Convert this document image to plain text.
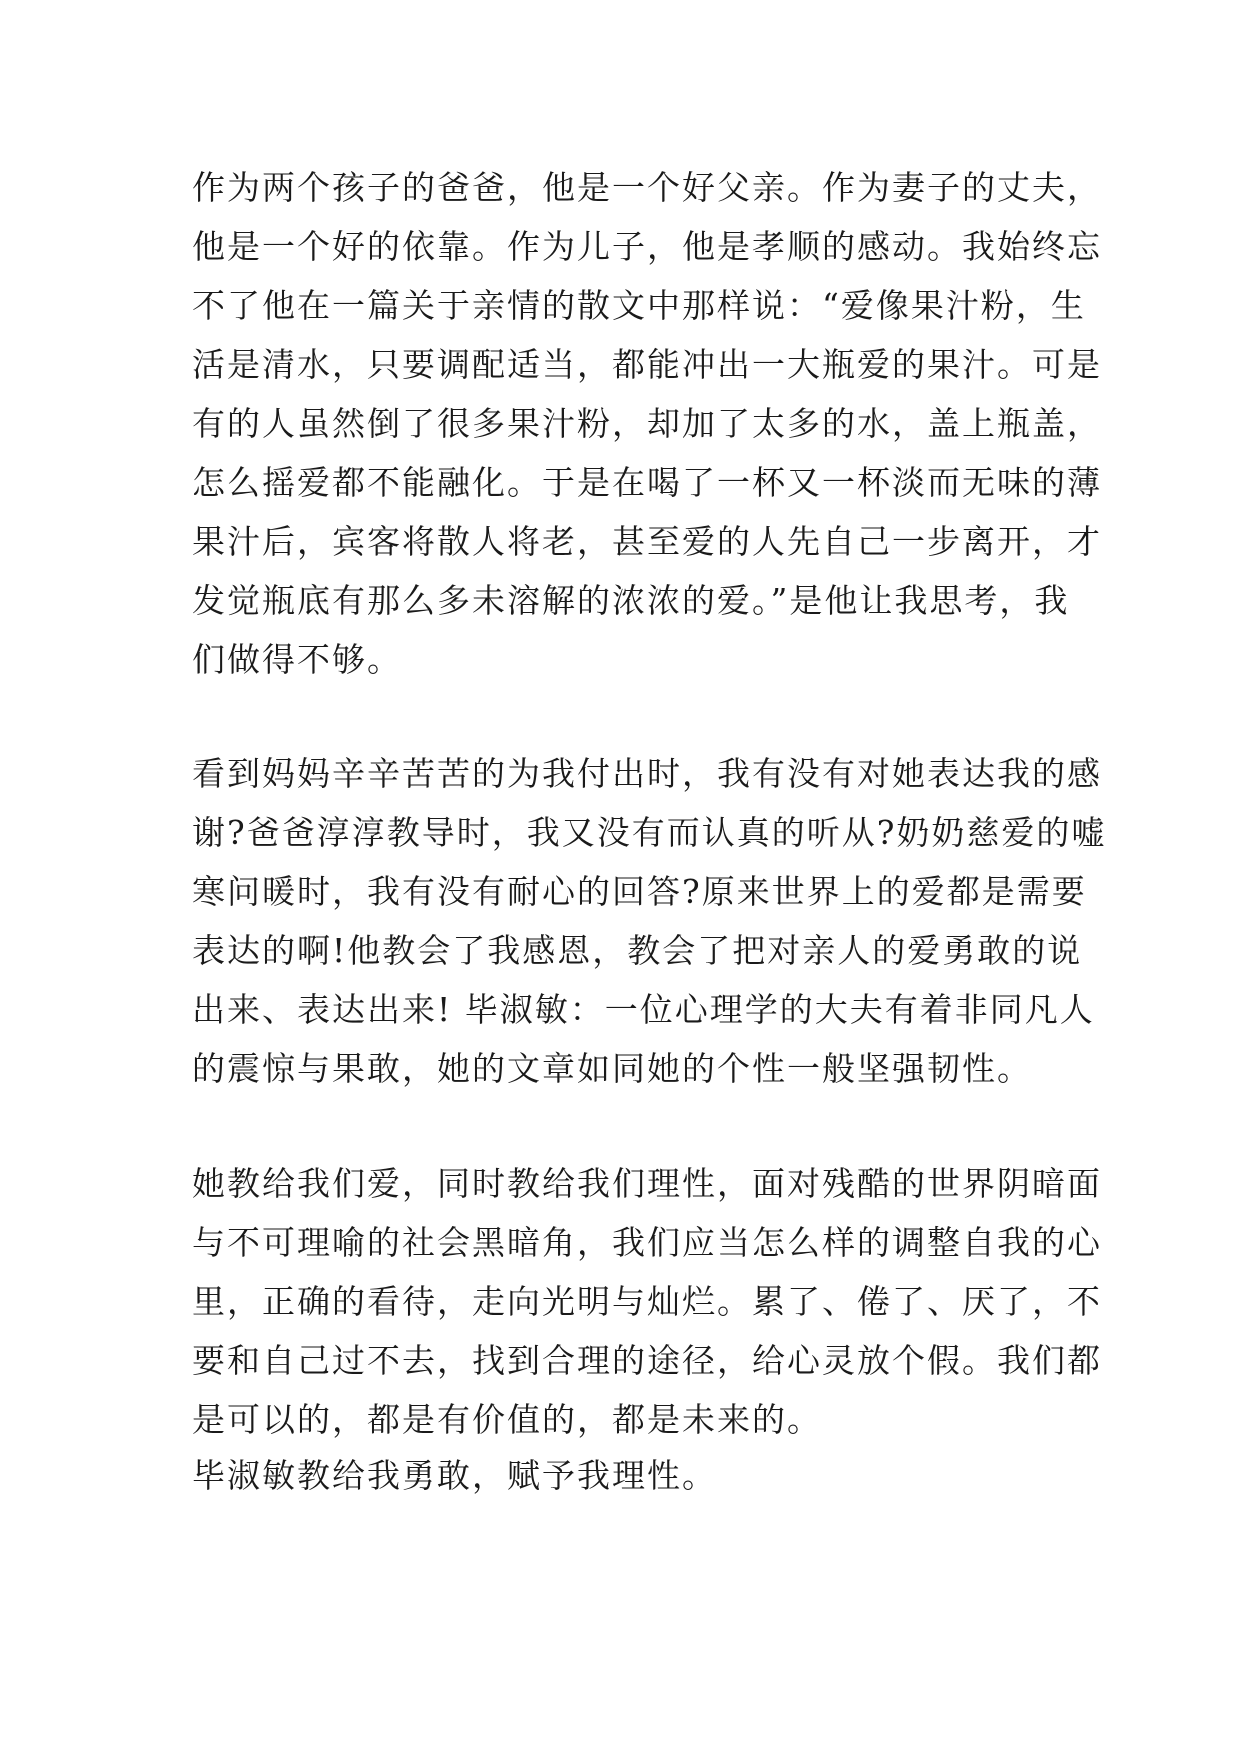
作为两个孩子的爸爸，他是一个好父亲。作为妻子的丈夫，
他是一个好的依靠。作为儿子，他是孝顺的感动。我始终忘
不了他在一篇关于亲情的散文中那样说：“爱像果汁粉，生
活是清水，只要调配适当，都能冲出一大瓶爱的果汁。可是
有的人虽然倒了很多果汁粉，却加了太多的水，盖上瓶盖，
怎么摇爱都不能融化。于是在喝了一杯又一杯淡而无味的薄
果汁后，宾客将散人将老，甚至爱的人先自己一步离开，才
发觉瓶底有那么多未溶解的浓浓的爱。”是他让我思考，我
们做得不够。

看到妈妈辛辛苦苦的为我付出时，我有没有对她表达我的感
谢?爸爸淳淳教导时，我又没有而认真的听从?奶奶慈爱的嘘
寒问暖时，我有没有耐心的回答?原来世界上的爱都是需要
表达的啊!他教会了我感恩，教会了把对亲人的爱勇敢的说
出来、表达出来! 毕淑敏：一位心理学的大夫有着非同凡人
的震惊与果敢，她的文章如同她的个性一般坚强韧性。

她教给我们爱，同时教给我们理性，面对残酷的世界阴暗面
与不可理喻的社会黑暗角，我们应当怎么样的调整自我的心
里，正确的看待，走向光明与灿烂。累了、倦了、厌了，不
要和自己过不去，找到合理的途径，给心灵放个假。我们都
是可以的，都是有价值的，都是未来的。

毕淑敏教给我勇敢，赋予我理性。
